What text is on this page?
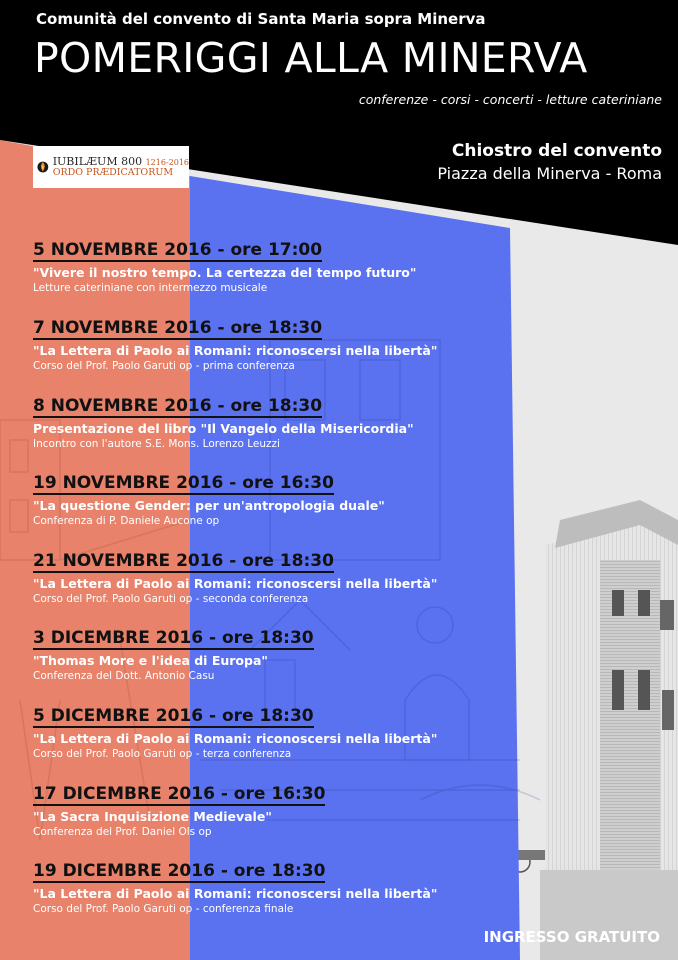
Comunità del convento di Santa Maria sopra Minerva
POMERIGGI ALLA MINERVA
conferenze - corsi - concerti - letture cateriniane
IUBILÆUM 800 1216-2016
ORDO PRÆDICATORUM
Chiostro del convento
Piazza della Minerva - Roma
5 NOVEMBRE 2016 - ore 17:00
"Vivere il nostro tempo. La certezza del tempo futuro"
Letture cateriniane con intermezzo musicale
7 NOVEMBRE 2016 - ore 18:30
"La Lettera di Paolo ai Romani: riconoscersi nella libertà"
Corso del Prof. Paolo Garuti op - prima conferenza
8 NOVEMBRE 2016 - ore 18:30
Presentazione del libro "Il Vangelo della Misericordia"
Incontro con l'autore S.E. Mons. Lorenzo Leuzzi
19 NOVEMBRE 2016 - ore 16:30
"La questione Gender: per un'antropologia duale"
Conferenza di P. Daniele Aucone op
21 NOVEMBRE 2016 - ore 18:30
"La Lettera di Paolo ai Romani: riconoscersi nella libertà"
Corso del Prof. Paolo Garuti op - seconda conferenza
3 DICEMBRE 2016 - ore 18:30
"Thomas More e l'idea di Europa"
Conferenza del Dott. Antonio Casu
5 DICEMBRE 2016 - ore 18:30
"La Lettera di Paolo ai Romani: riconoscersi nella libertà"
Corso del Prof. Paolo Garuti op - terza conferenza
17 DICEMBRE 2016 - ore 16:30
"La Sacra Inquisizione Medievale"
Conferenza del Prof. Daniel Ols op
19 DICEMBRE 2016 - ore 18:30
"La Lettera di Paolo ai Romani: riconoscersi nella libertà"
Corso del Prof. Paolo Garuti op - conferenza finale
INGRESSO GRATUITO
